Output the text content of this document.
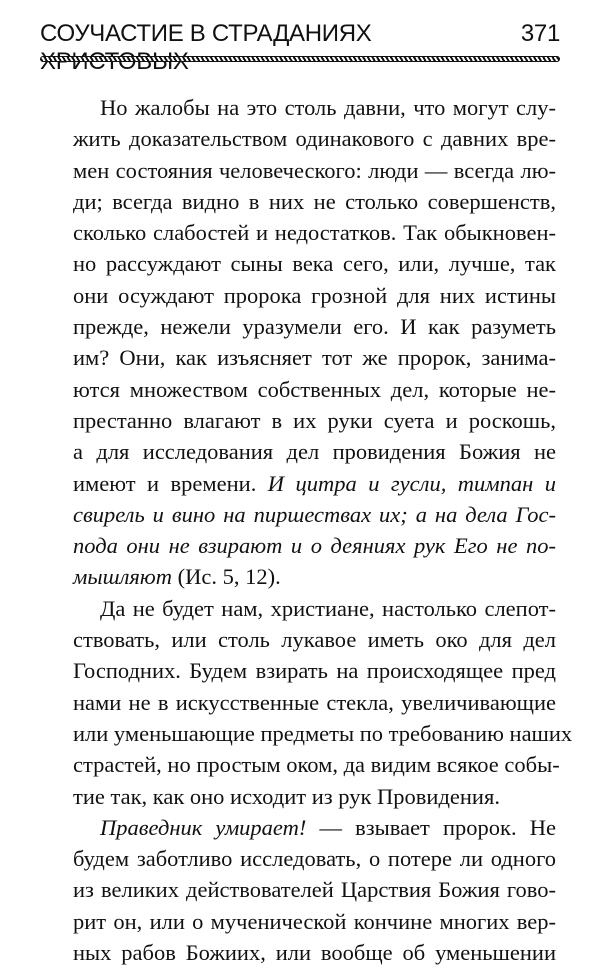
СОУЧАСТИЕ В СТРАДАНИЯХ	371
Но жалобы на это столь давни, что могут слу-
жить доказательством одинакового с давних вре-
мен состояния человеческого: люди — всегда лю-
ди; всегда видно в них не столько совершенств,
сколько слабостей и недостатков. Так обыкновен-
но рассуждают сыны века сего, или, лучше, так
они осуждают пророка грозной для них истины
прежде, нежели уразумели его. И как разуметь
им? Они, как изъясняет тот же пророк, занима-
ются множеством собственных дел, которые не-
престанно влагают в их руки суета и роскошь,
а для исследования дел провидения Божия не
имеют и времени. И цитра и гусли, тимпан и
свирель и вино на пиршествах их; а на дела Гос-
пода они не взирают и о деяниях рук Его не по-
мышляют (Ис. 5, 12).
Да не будет нам, христиане, настолько слепот-
ствовать, или столь лукавое иметь око для дел
Господних. Будем взирать на происходящее пред
нами не в искусственные стекла, увеличивающие
или уменьшающие предметы по требованию наших
страстей, но простым оком, да видим всякое собы-
тие так, как оно исходит из рук Провидения.
Праведник умирает! — взывает пророк. Не
будем заботливо исследовать, о потере ли одного
из великих действователей Царствия Божия гово-
рит он, или о мученической кончине многих вер-
ных рабов Божиих, или вообще об уменьшении
